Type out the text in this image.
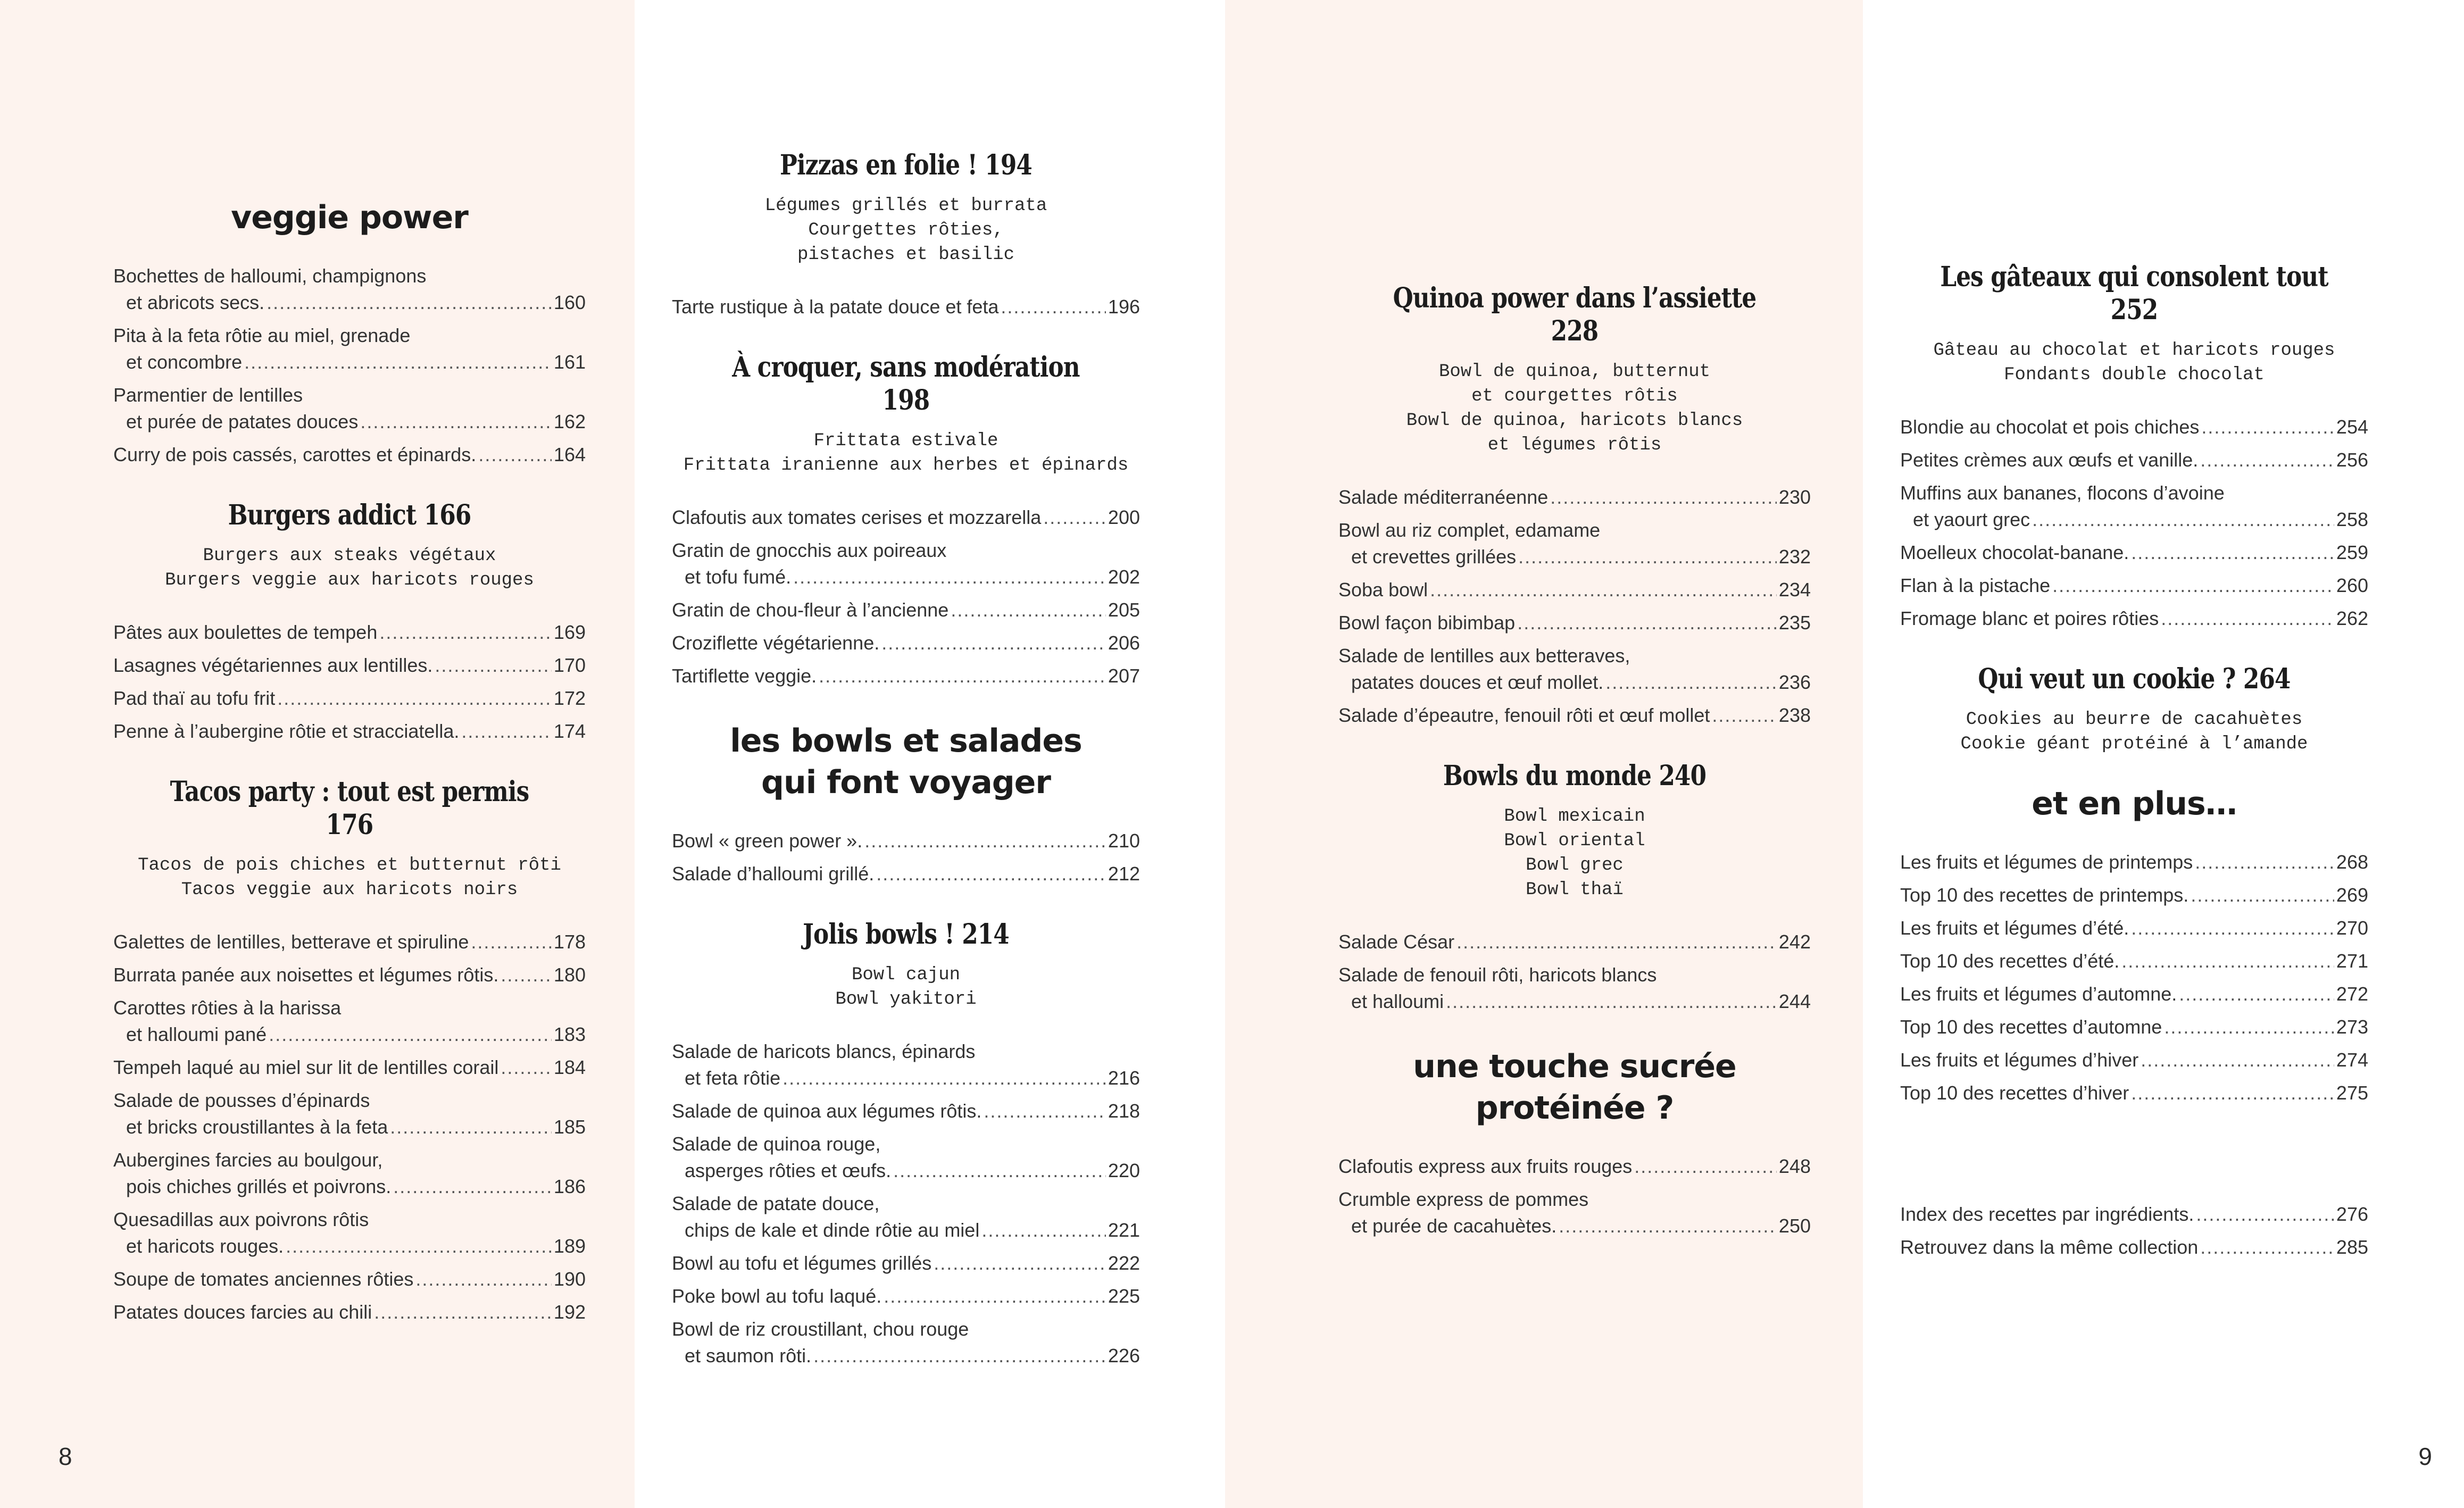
veggie power
Bochettes de halloumi, champignons
et abricots secs. .....	160
Pita à la feta rôtie au miel, grenade
et concombre .....	161
Parmentier de lentilles
et purée de patates douces .....	162
Curry de pois cassés, carottes et épinards. .....	164
Burgers addict 166
Burgers aux steaks végétaux
Burgers veggie aux haricots rouges
Pâtes aux boulettes de tempeh .....	169
Lasagnes végétariennes aux lentilles. .....	170
Pad thaï au tofu frit .....	172
Penne à l’aubergine rôtie et stracciatella. .....	174
Tacos party : tout est permis 176
Tacos de pois chiches et butternut rôti
Tacos veggie aux haricots noirs
Galettes de lentilles, betterave et spiruline .....	178
Burrata panée aux noisettes et légumes rôtis. .....	180
Carottes rôties à la harissa
et halloumi pané .....	183
Tempeh laqué au miel sur lit de lentilles corail .....	184
Salade de pousses d’épinards
et bricks croustillantes à la feta .....	185
Aubergines farcies au boulgour,
pois chiches grillés et poivrons. .....	186
Quesadillas aux poivrons rôtis
et haricots rouges. .....	189
Soupe de tomates anciennes rôties .....	190
Patates douces farcies au chili .....	192
Pizzas en folie ! 194
Légumes grillés et burrata
Courgettes rôties,
pistaches et basilic
Tarte rustique à la patate douce et feta .....	196
À croquer, sans modération 198
Frittata estivale
Frittata iranienne aux herbes et épinards
Clafoutis aux tomates cerises et mozzarella .....	200
Gratin de gnocchis aux poireaux
et tofu fumé. .....	202
Gratin de chou-fleur à l’ancienne .....	205
Croziflette végétarienne. .....	206
Tartiflette veggie. .....	207
les bowls et salades
qui font voyager
Bowl « green power ». .....	210
Salade d’halloumi grillé. .....	212
Jolis bowls ! 214
Bowl cajun
Bowl yakitori
Salade de haricots blancs, épinards
et feta rôtie .....	216
Salade de quinoa aux légumes rôtis. .....	218
Salade de quinoa rouge,
asperges rôties et œufs. .....	220
Salade de patate douce,
chips de kale et dinde rôtie au miel .....	221
Bowl au tofu et légumes grillés .....	222
Poke bowl au tofu laqué. .....	225
Bowl de riz croustillant, chou rouge
et saumon rôti. .....	226
Quinoa power dans l’assiette 228
Bowl de quinoa, butternut
et courgettes rôtis
Bowl de quinoa, haricots blancs
et légumes rôtis
Salade méditerranéenne .....	230
Bowl au riz complet, edamame
et crevettes grillées .....	232
Soba bowl .....	234
Bowl façon bibimbap .....	235
Salade de lentilles aux betteraves,
patates douces et œuf mollet. .....	236
Salade d’épeautre, fenouil rôti et œuf mollet .....	238
Bowls du monde 240
Bowl mexicain
Bowl oriental
Bowl grec
Bowl thaï
Salade César .....	242
Salade de fenouil rôti, haricots blancs
et halloumi .....	244
une touche sucrée
protéinée ?
Clafoutis express aux fruits rouges .....	248
Crumble express de pommes
et purée de cacahuètes. .....	250
Les gâteaux qui consolent tout 252
Gâteau au chocolat et haricots rouges
Fondants double chocolat
Blondie au chocolat et pois chiches .....	254
Petites crèmes aux œufs et vanille. .....	256
Muffins aux bananes, flocons d’avoine
et yaourt grec .....	258
Moelleux chocolat-banane. .....	259
Flan à la pistache .....	260
Fromage blanc et poires rôties .....	262
Qui veut un cookie ? 264
Cookies au beurre de cacahuètes
Cookie géant protéiné à l’amande
et en plus…
Les fruits et légumes de printemps .....	268
Top 10 des recettes de printemps. .....	269
Les fruits et légumes d’été. .....	270
Top 10 des recettes d’été. .....	271
Les fruits et légumes d’automne. .....	272
Top 10 des recettes d’automne .....	273
Les fruits et légumes d’hiver .....	274
Top 10 des recettes d’hiver .....	275
Index des recettes par ingrédients. .....	276
Retrouvez dans la même collection .....	285
8	9
